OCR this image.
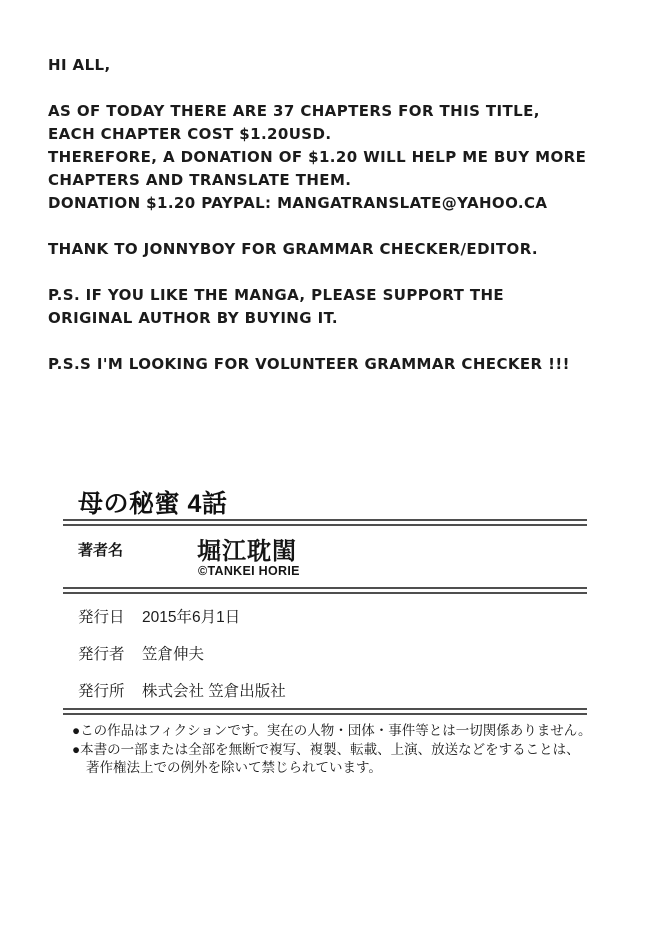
HI ALL,
AS OF TODAY THERE ARE 37 CHAPTERS FOR THIS TITLE,
EACH CHAPTER COST $1.20USD.
THEREFORE, A DONATION OF $1.20 WILL HELP ME BUY MORE
CHAPTERS AND TRANSLATE THEM.
DONATION $1.20 PAYPAL: MANGATRANSLATE@YAHOO.CA
THANK TO JONNYBOY FOR GRAMMAR CHECKER/EDITOR.
P.S. IF YOU LIKE THE MANGA, PLEASE SUPPORT THE
ORIGINAL AUTHOR BY BUYING IT.
P.S.S I'M LOOKING FOR VOLUNTEER GRAMMAR CHECKER !!!
母の秘蜜 4話
著者名	堀江耽閨
©TANKEI HORIE
発行日 2015年6月1日
発行者 笠倉伸夫
発行所 株式会社 笠倉出版社
●この作品はフィクションです。実在の人物・団体・事件等とは一切関係ありません。
●本書の一部または全部を無断で複写、複製、転載、上演、放送などをすることは、
著作権法上での例外を除いて禁じられています。
